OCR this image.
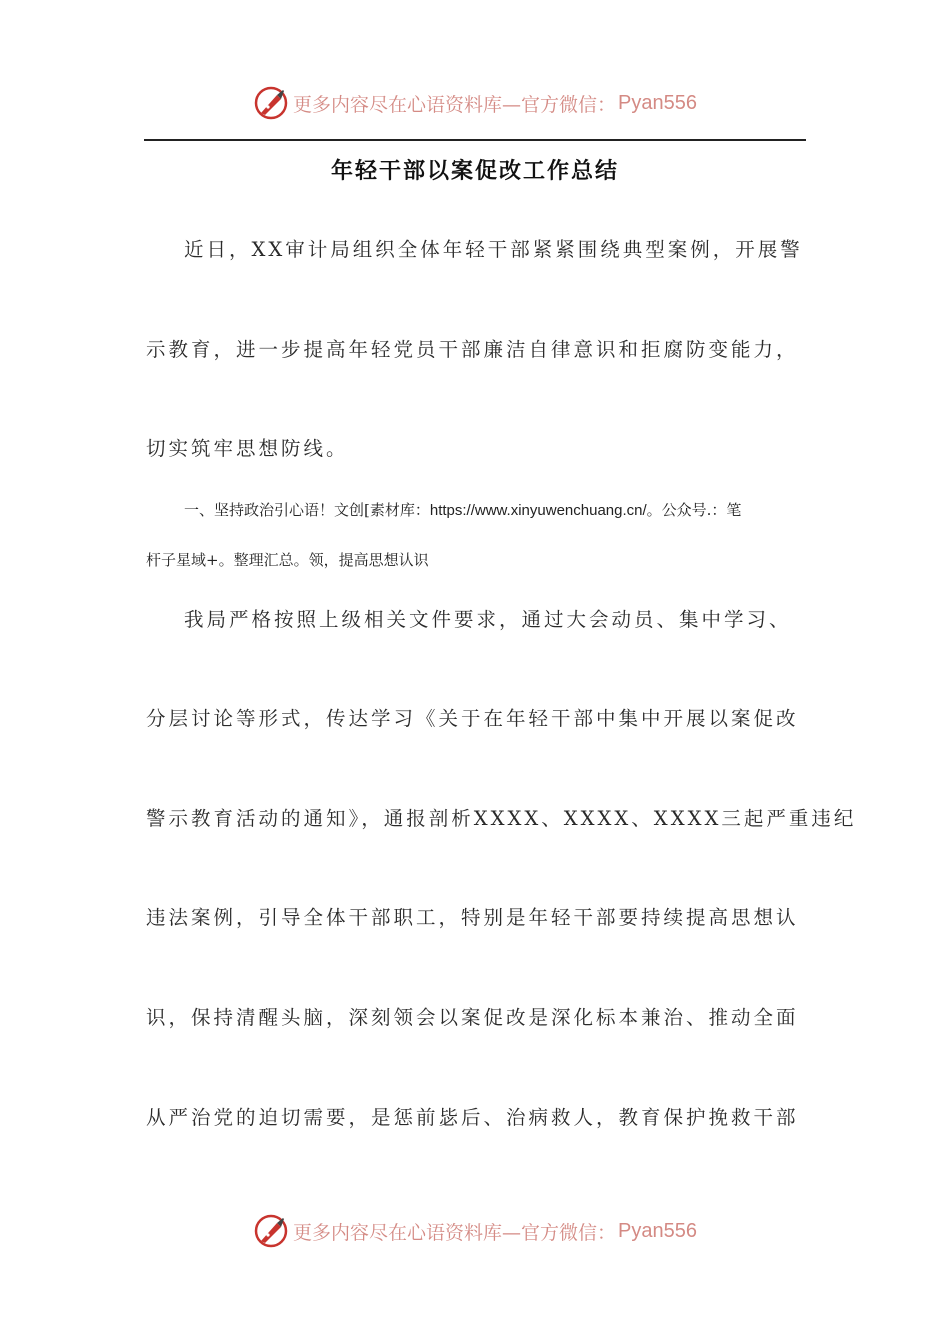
更多内容尽在心语资料库—官方微信： Pyan556
年轻干部以案促改工作总结
近日，XX审计局组织全体年轻干部紧紧围绕典型案例，开展警
示教育，进一步提高年轻党员干部廉洁自律意识和拒腐防变能力，
切实筑牢思想防线。
一、坚持政治引心语！文创[素材库：https://www.xinyuwenchuang.cn/。公众号.：笔
杆子星域+。整理汇总。领，提高思想认识
我局严格按照上级相关文件要求，通过大会动员、集中学习、
分层讨论等形式，传达学习《关于在年轻干部中集中开展以案促改
警示教育活动的通知》，通报剖析XXXX、XXXX、XXXX三起严重违纪
违法案例，引导全体干部职工，特别是年轻干部要持续提高思想认
识，保持清醒头脑，深刻领会以案促改是深化标本兼治、推动全面
从严治党的迫切需要，是惩前毖后、治病救人，教育保护挽救干部
更多内容尽在心语资料库—官方微信： Pyan556
